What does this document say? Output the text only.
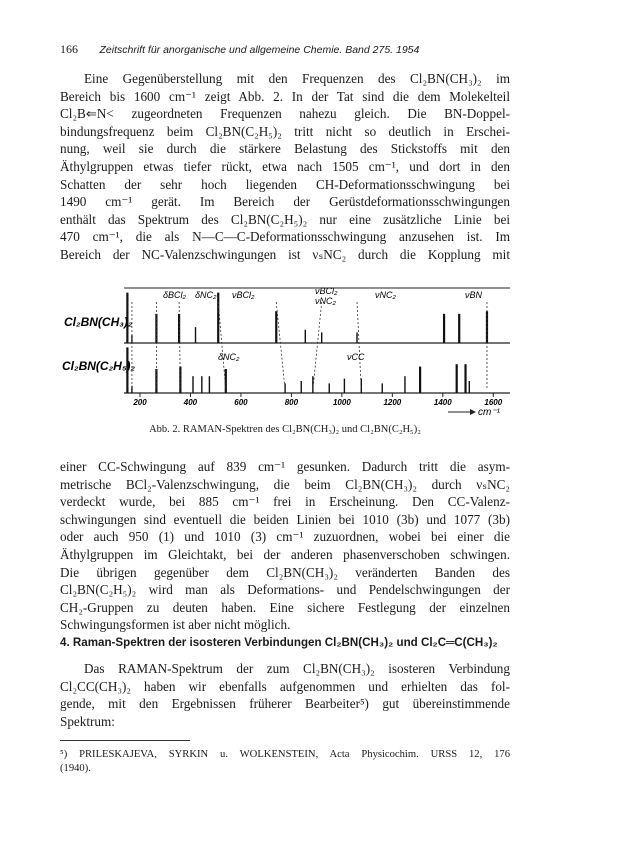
166 Zeitschrift für anorganische und allgemeine Chemie. Band 275. 1954
Eine Gegenüberstellung mit den Frequenzen des Cl₂BN(CH₃)₂ im
Bereich bis 1600 cm⁻¹ zeigt Abb. 2. In der Tat sind die dem Molekelteil
Cl₂B⇐N< zugeordneten Frequenzen nahezu gleich. Die BN-Doppel-
bindungsfrequenz beim Cl₂BN(C₂H₅)₂ tritt nicht so deutlich in Erschei-
nung, weil sie durch die stärkere Belastung des Stickstoffs mit den
Äthylgruppen etwas tiefer rückt, etwa nach 1505 cm⁻¹, und dort in den
Schatten der sehr hoch liegenden CH-Deformationsschwingung bei
1490 cm⁻¹ gerät. Im Bereich der Gerüstdeformationsschwingungen
enthält das Spektrum des Cl₂BN(C₂H₅)₂ nur eine zusätzliche Linie bei
470 cm⁻¹, die als N—C—C-Deformationsschwingung anzusehen ist. Im
Bereich der NC-Valenzschwingungen ist νₛNC₂ durch die Kopplung mit
Cl₂BN(CH₃)₂
Cl₂BN(C₂H₅)₂
δBCl₂ δNC₂ νBCl₂	νBCl₂
νNC₂
νNC₂	νBN
δNC₂	νCC
200	400	600	800	1000	1200	1400	1600
cm⁻¹
Abb. 2. RAMAN-Spektren des Cl₂BN(CH₃)₂ und Cl₂BN(C₂H₅)₂
einer CC-Schwingung auf 839 cm⁻¹ gesunken. Dadurch tritt die asym-
metrische BCl₂-Valenzschwingung, die beim Cl₂BN(CH₃)₂ durch νₛNC₂
verdeckt wurde, bei 885 cm⁻¹ frei in Erscheinung. Den CC-Valenz-
schwingungen sind eventuell die beiden Linien bei 1010 (3b) und 1077 (3b)
oder auch 950 (1) und 1010 (3) cm⁻¹ zuzuordnen, wobei bei einer die
Äthylgruppen im Gleichtakt, bei der anderen phasenverschoben schwingen.
Die übrigen gegenüber dem Cl₂BN(CH₃)₂ veränderten Banden des
Cl₂BN(C₂H₅)₂ wird man als Deformations- und Pendelschwingungen der
CH₂-Gruppen zu deuten haben. Eine sichere Festlegung der einzelnen
Schwingungsformen ist aber nicht möglich.
4. Raman-Spektren der isosteren Verbindungen Cl₂BN(CH₃)₂ und Cl₂C═C(CH₃)₂
Das RAMAN-Spektrum der zum Cl₂BN(CH₃)₂ isosteren Verbindung
Cl₂CC(CH₃)₂ haben wir ebenfalls aufgenommen und erhielten das fol-
gende, mit den Ergebnissen früherer Bearbeiter⁵) gut übereinstimmende
Spektrum:
⁵) PRILESKAJEVA, SYRKIN u. WOLKENSTEIN, Acta Physicochim. URSS 12, 176
(1940).
